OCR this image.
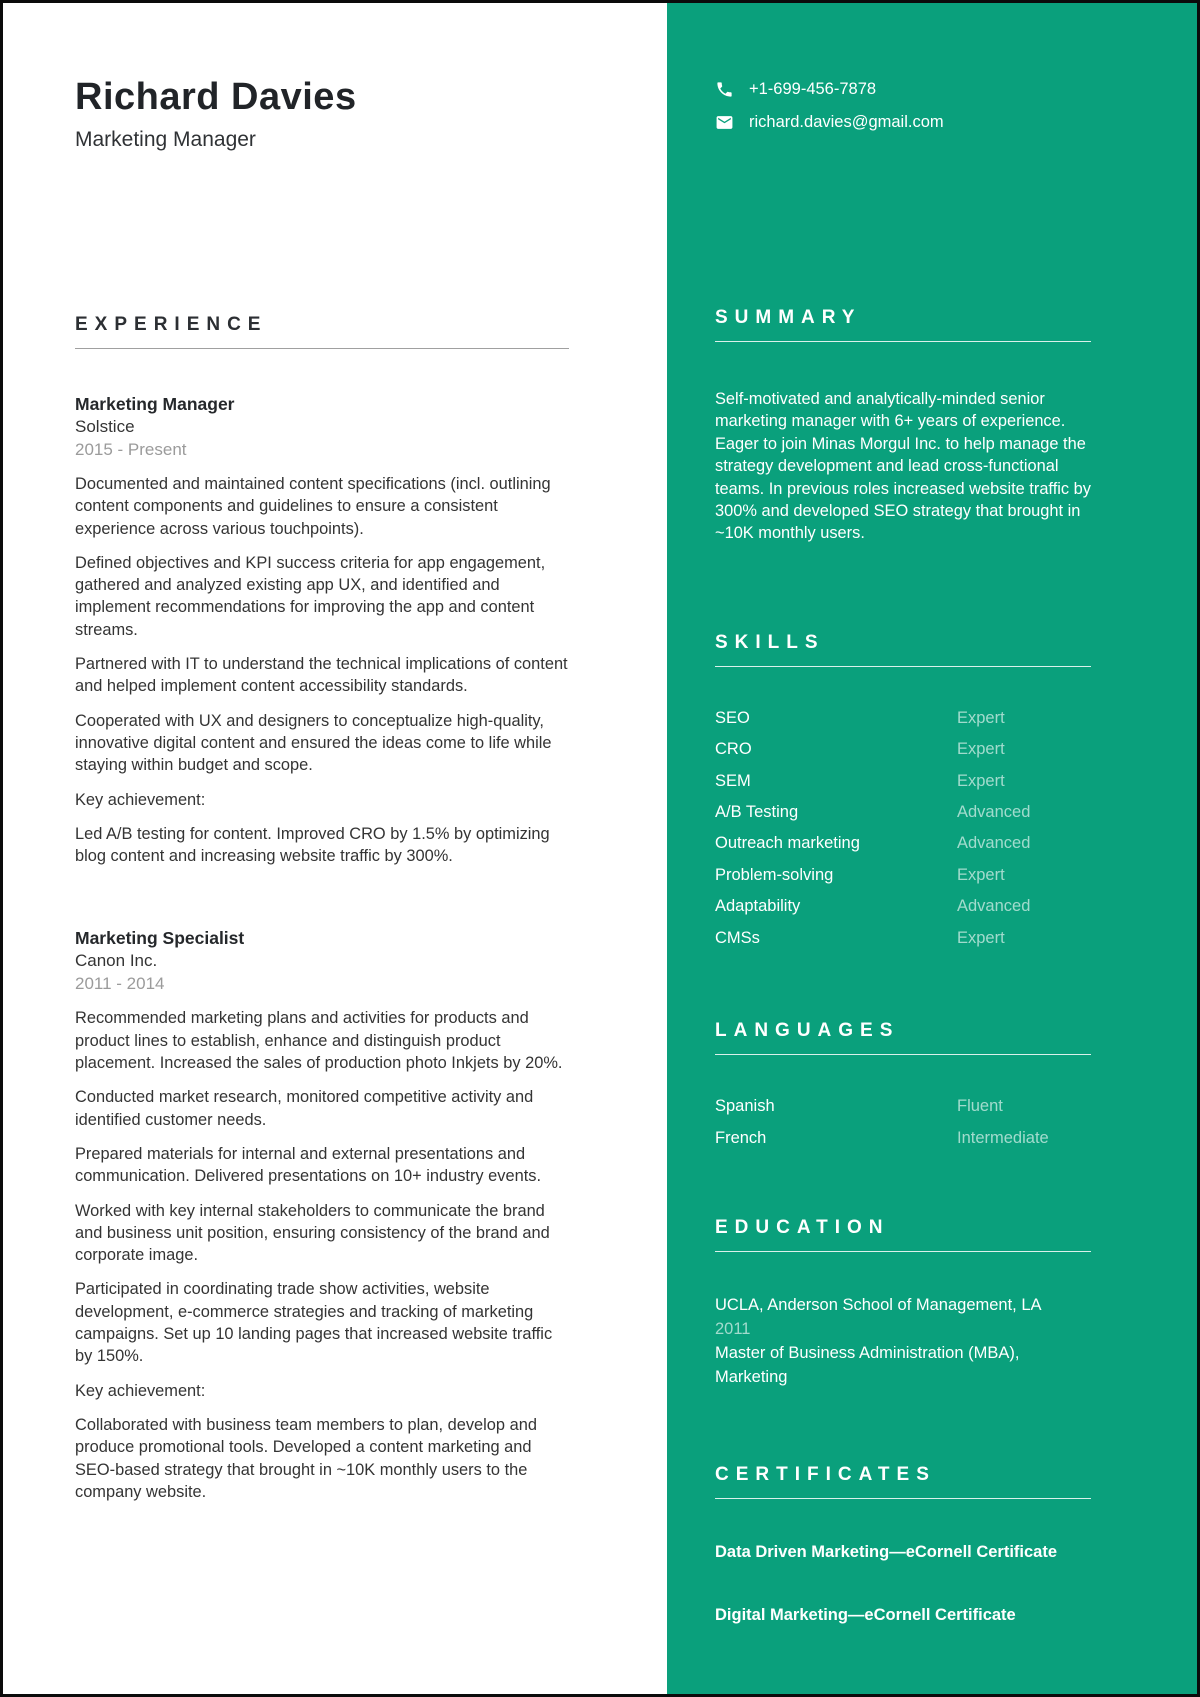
Richard Davies
Marketing Manager
EXPERIENCE
Marketing Manager
Solstice
2015 - Present

Documented and maintained content specifications (incl. outlining content components and guidelines to ensure a consistent experience across various touchpoints).

Defined objectives and KPI success criteria for app engagement, gathered and analyzed existing app UX, and identified and implement recommendations for improving the app and content streams.

Partnered with IT to understand the technical implications of content and helped implement content accessibility standards.

Cooperated with UX and designers to conceptualize high-quality, innovative digital content and ensured the ideas come to life while staying within budget and scope.

Key achievement:

Led A/B testing for content. Improved CRO by 1.5% by optimizing blog content and increasing website traffic by 300%.

Marketing Specialist
Canon Inc.
2011 - 2014

Recommended marketing plans and activities for products and product lines to establish, enhance and distinguish product placement. Increased the sales of production photo Inkjets by 20%.

Conducted market research, monitored competitive activity and identified customer needs.

Prepared materials for internal and external presentations and communication. Delivered presentations on 10+ industry events.

Worked with key internal stakeholders to communicate the brand and business unit position, ensuring consistency of the brand and corporate image.

Participated in coordinating trade show activities, website development, e-commerce strategies and tracking of marketing campaigns. Set up 10 landing pages that increased website traffic by 150%.

Key achievement:

Collaborated with business team members to plan, develop and produce promotional tools. Developed a content marketing and SEO-based strategy that brought in ~10K monthly users to the company website.

+1-699-456-7878
richard.davies@gmail.com
SUMMARY

Self-motivated and analytically-minded senior marketing manager with 6+ years of experience. Eager to join Minas Morgul Inc. to help manage the strategy development and lead cross-functional teams. In previous roles increased website traffic by 300% and developed SEO strategy that brought in ~10K monthly users.

SKILLS
SEO	Expert
CRO	Expert
SEM	Expert
A/B Testing	Advanced
Outreach marketing	Advanced
Problem-solving	Expert
Adaptability	Advanced
CMSs	Expert
LANGUAGES
Spanish	Fluent
French	Intermediate
EDUCATION
UCLA, Anderson School of Management, LA
2011
Master of Business Administration (MBA), Marketing
CERTIFICATES
Data Driven Marketing—eCornell Certificate
Digital Marketing—eCornell Certificate
